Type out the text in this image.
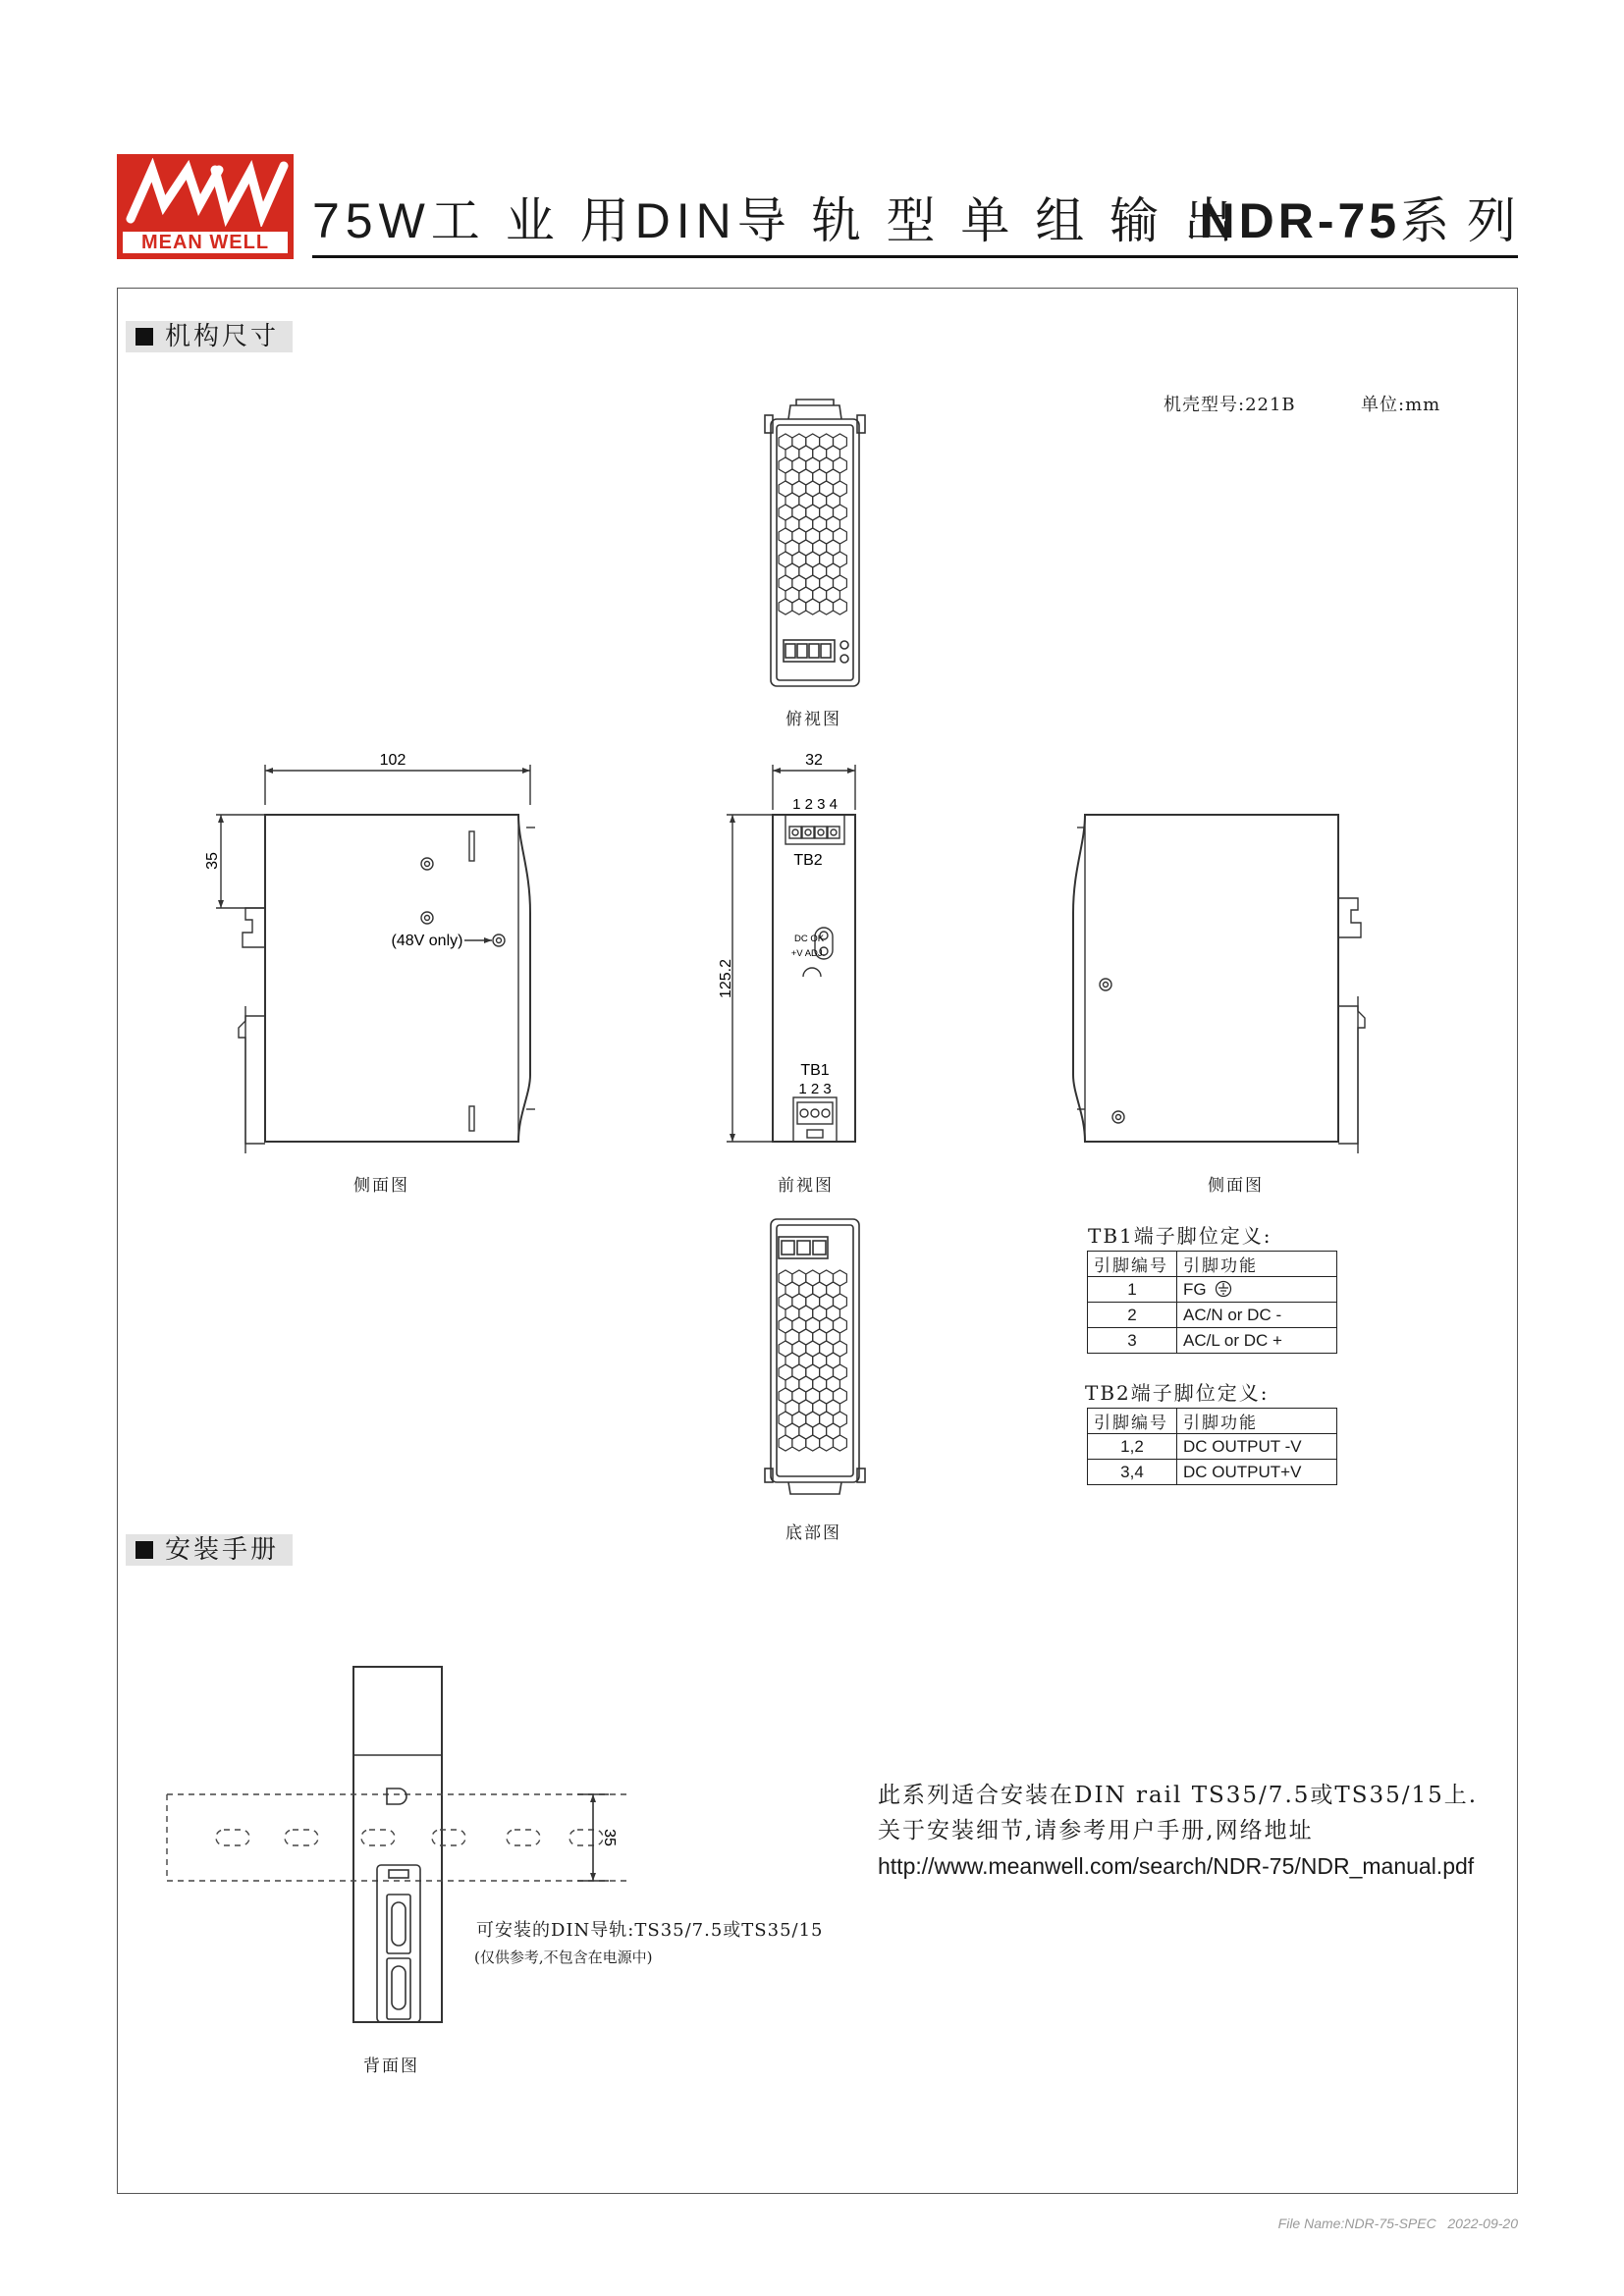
MEAN WELL 75W工 业 用DIN导 轨 型 单 组 输 出
NDR-75系 列
机构尺寸
机壳型号:221B	单位:mm
俯视图
102
35
(48V only)
侧面图
32
125.2
1 2 3 4
TB2
DC OK
+V ADJ.
TB1
1 2 3
前视图	侧面图
底部图
TB1端子脚位定义:
引脚编号	引脚功能
1	FG
2	AC/N or DC -
3	AC/L or DC +
TB2端子脚位定义:
引脚编号	引脚功能
1,2	DC OUTPUT -V
3,4	DC OUTPUT+V
安装手册
35
可安装的DIN导轨:TS35/7.5或TS35/15
(仅供参考,不包含在电源中)
背面图
此系列适合安装在DIN rail TS35/7.5或TS35/15上.
关于安装细节,请参考用户手册,网络地址
http://www.meanwell.com/search/NDR-75/NDR_manual.pdf
File Name:NDR-75-SPEC 2022-09-20
